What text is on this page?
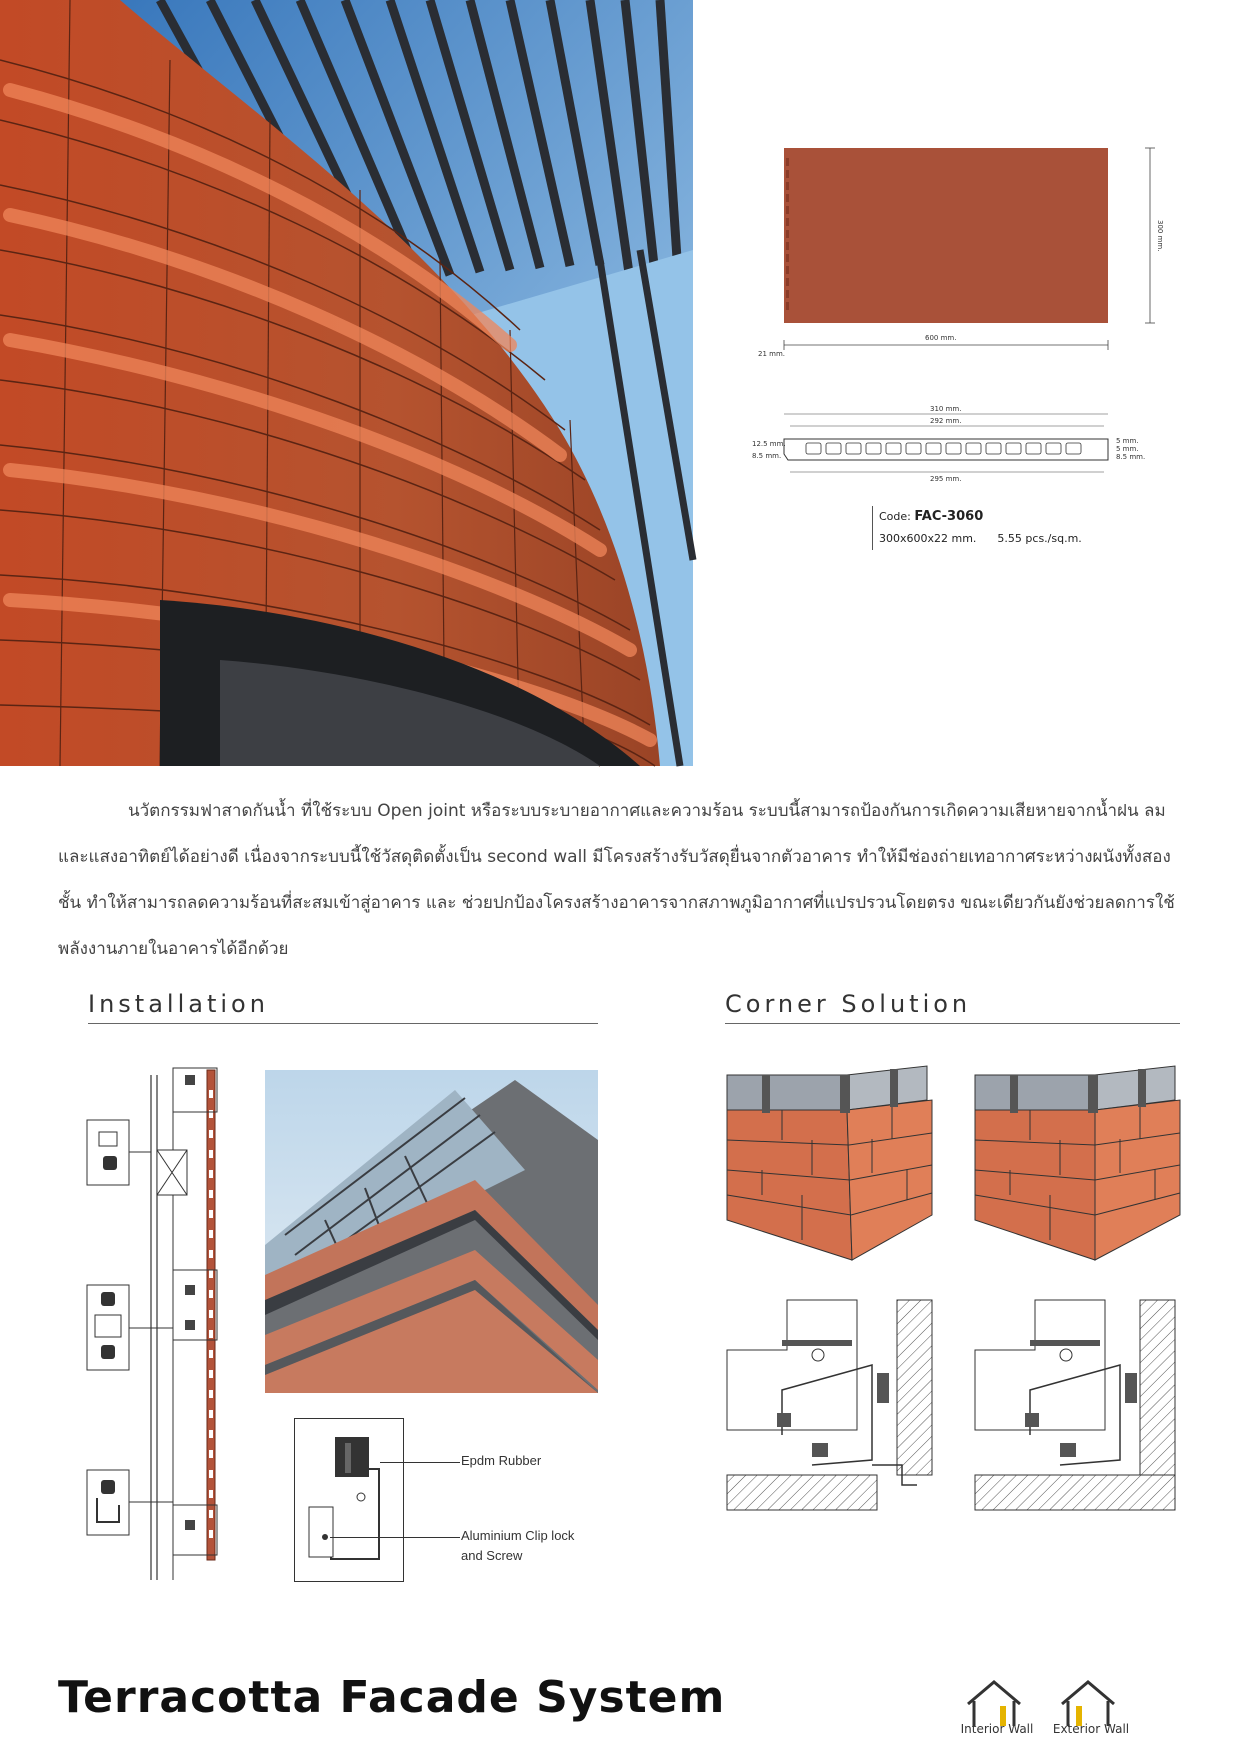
300 mm.
600 mm.
21 mm.
310 mm.
292 mm.
295 mm.
12.5 mm.
8.5 mm.
5 mm.
5 mm.
8.5 mm.
Code: FAC-3060
300x600x22 mm. 5.55 pcs./sq.m.
นวัตกรรมฟาสาดกันน้ำ ที่ใช้ระบบ Open joint หรือระบบระบายอากาศและความร้อน ระบบนี้สามารถป้องกันการเกิดความเสียหายจากน้ำฝน ลม และแสงอาทิตย์ได้อย่างดี เนื่องจากระบบนี้ใช้วัสดุติดตั้งเป็น second wall มีโครงสร้างรับวัสดุยื่นจากตัวอาคาร ทำให้มีช่องถ่ายเทอากาศระหว่างผนังทั้งสองชั้น ทำให้สามารถลดความร้อนที่สะสมเข้าสู่อาคาร และ ช่วยปกป้องโครงสร้างอาคารจากสภาพภูมิอากาศที่แปรปรวนโดยตรง ขณะเดียวกันยังช่วยลดการใช้พลังงานภายในอาคารได้อีกด้วย
Installation	Corner Solution
Epdm Rubber
Aluminium Clip lock
and Screw
Terracotta Facade System
Interior Wall	Exterior Wall
